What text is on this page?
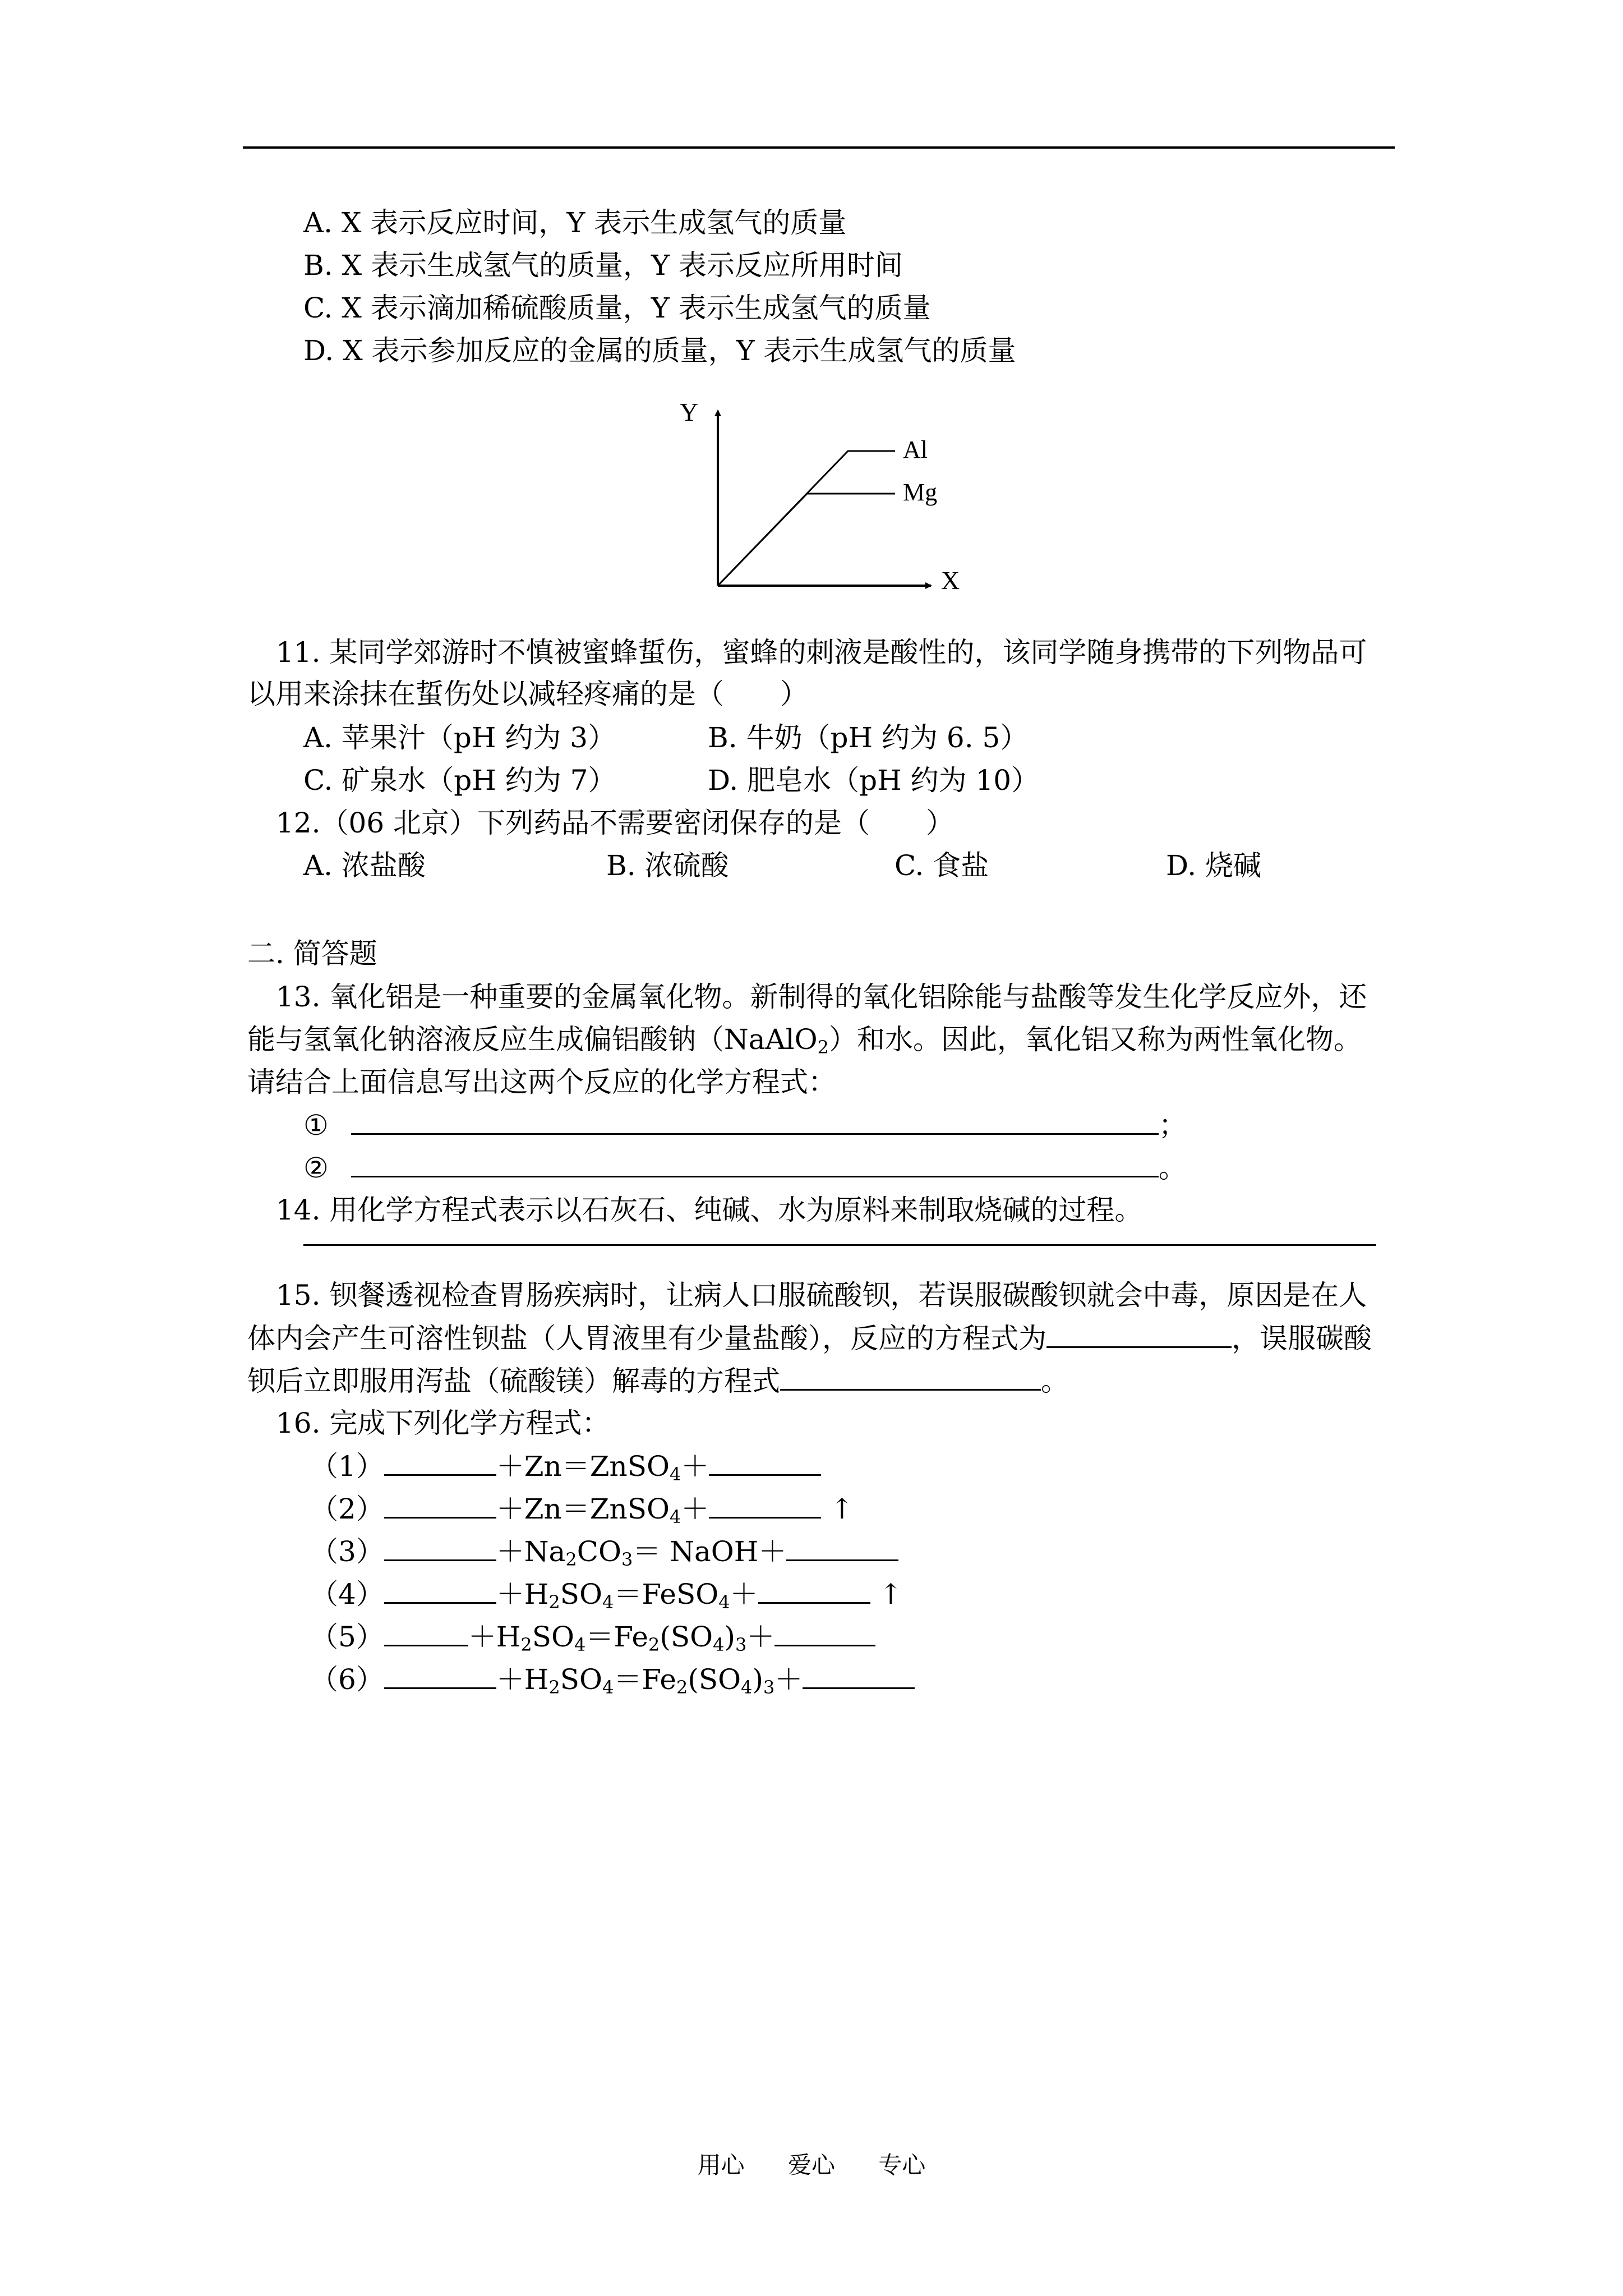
A. X 表示反应时间，Y 表示生成氢气的质量
B. X 表示生成氢气的质量，Y 表示反应所用时间
C. X 表示滴加稀硫酸质量，Y 表示生成氢气的质量
D. X 表示参加反应的金属的质量，Y 表示生成氢气的质量
Y
X
Al
Mg
11. 某同学郊游时不慎被蜜蜂蜇伤，蜜蜂的刺液是酸性的，该同学随身携带的下列物品可
以用来涂抹在蜇伤处以减轻疼痛的是（　　）
A. 苹果汁（pH 约为 3）	B. 牛奶（pH 约为 6. 5）
C. 矿泉水（pH 约为 7）	D. 肥皂水（pH 约为 10）
12.（06 北京）下列药品不需要密闭保存的是（　　）
A. 浓盐酸	B. 浓硫酸	C. 食盐	D. 烧碱
二. 简答题
13. 氧化铝是一种重要的金属氧化物。新制得的氧化铝除能与盐酸等发生化学反应外，还
能与氢氧化钠溶液反应生成偏铝酸钠（NaAlO$_2$）和水。因此，氧化铝又称为两性氧化物。
请结合上面信息写出这两个反应的化学方程式：
①	；
②	。
14. 用化学方程式表示以石灰石、纯碱、水为原料来制取烧碱的过程。
15. 钡餐透视检查胃肠疾病时，让病人口服硫酸钡，若误服碳酸钡就会中毒，原因是在人
体内会产生可溶性钡盐（人胃液里有少量盐酸），反应的方程式为	，误服碳酸
钡后立即服用泻盐（硫酸镁）解毒的方程式	。
16. 完成下列化学方程式：
（1）	＋Zn＝ZnSO$_4$＋
（2）	＋Zn＝ZnSO$_4$＋	↑
（3）	$+Na_2CO_3=$ NaOH＋
（4）	$+H_2SO_4=FeSO_4+$	↑
（5）	$+H_2SO_4=Fe_2(SO_4)_3+$
（6）	$+H_2SO_4=Fe_2(SO_4)_3+$
用心 爱心 专心
